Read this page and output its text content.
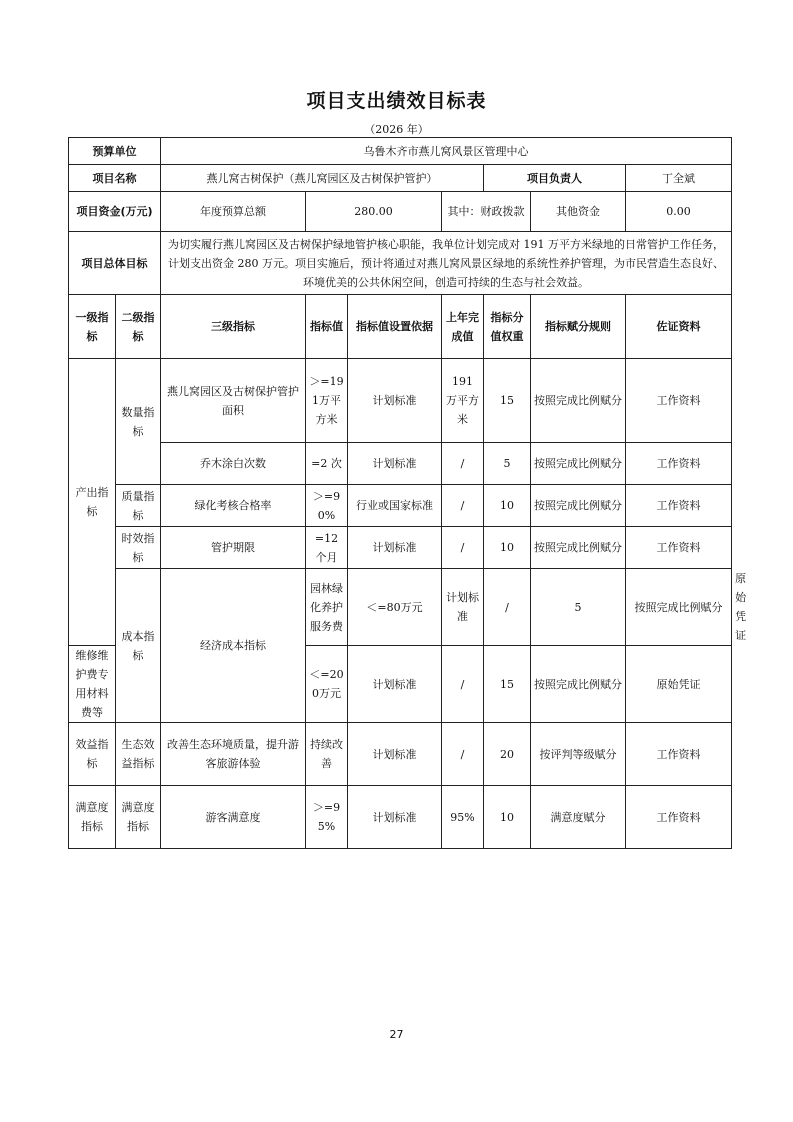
项目支出绩效目标表
（2026 年）
预算单位		乌鲁木齐市燕儿窝风景区管理中心							
项目名称		燕儿窝古树保护（燕儿窝园区及古树保护管护）				项目负责人		丁全斌	
项目资金(万元)		年度预算总额	280.00		其中：财政拨款		其他资金	0.00	
项目总体目标		为切实履行燕儿窝园区及古树保护绿地管护核心职能，我单位计划完成对 191 万平方米绿地的日常管护工作任务，计划支出资金 280 万元。项目实施后，预计将通过对燕儿窝风景区绿地的系统性养护管理，为市民营造生态良好、环境优美的公共休闲空间，创造可持续的生态与社会效益。							
一级指标	二级指标	三级指标	指标值	指标值设置依据	上年完成值	指标分值权重	指标赋分规则	佐证资料	
产出指标	数量指标	燕儿窝园区及古树保护管护面积	＞=191万平方米	计划标准	191 万平方米	15	按照完成比例赋分	工作资料	
		乔木涂白次数	=2 次	计划标准	/	5	按照完成比例赋分	工作资料	
	质量指标	绿化考核合格率	＞=90%	行业或国家标准	/	10	按照完成比例赋分	工作资料	
	时效指标	管护期限	=12 个月	计划标准	/	10	按照完成比例赋分	工作资料	
	成本指标	经济成本指标	园林绿化养护服务费	＜=80万元	计划标准	/	5	按照完成比例赋分	原始凭证
维修维护费专用材料费等			＜=200万元	计划标准	/	15	按照完成比例赋分	原始凭证	
效益指标	生态效益指标	改善生态环境质量，提升游客旅游体验	持续改善	计划标准	/	20	按评判等级赋分	工作资料	
满意度指标	满意度指标	游客满意度	＞=95%	计划标准	95%	10	满意度赋分	工作资料	
27
